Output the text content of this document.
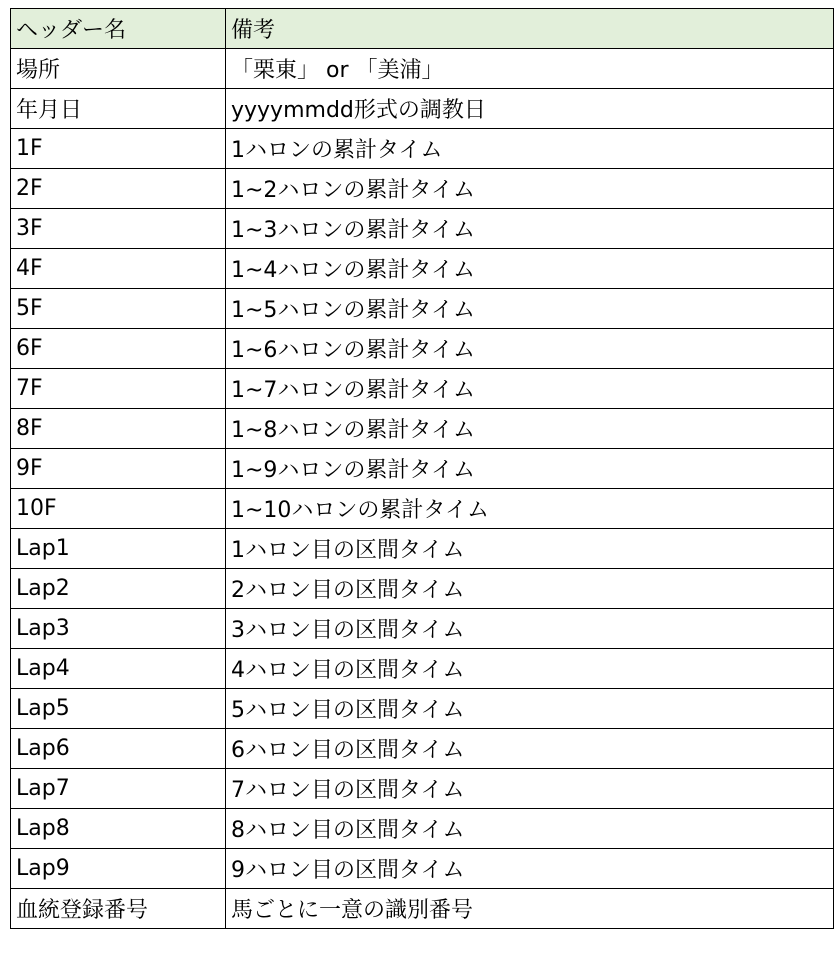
ヘッダー名	備考
場所	「栗東」 or 「美浦」
年月日	yyyymmdd形式の調教日
1F	1ハロンの累計タイム
2F	1~2ハロンの累計タイム
3F	1~3ハロンの累計タイム
4F	1~4ハロンの累計タイム
5F	1~5ハロンの累計タイム
6F	1~6ハロンの累計タイム
7F	1~7ハロンの累計タイム
8F	1~8ハロンの累計タイム
9F	1~9ハロンの累計タイム
10F	1~10ハロンの累計タイム
Lap1	1ハロン目の区間タイム
Lap2	2ハロン目の区間タイム
Lap3	3ハロン目の区間タイム
Lap4	4ハロン目の区間タイム
Lap5	5ハロン目の区間タイム
Lap6	6ハロン目の区間タイム
Lap7	7ハロン目の区間タイム
Lap8	8ハロン目の区間タイム
Lap9	9ハロン目の区間タイム
血統登録番号	馬ごとに一意の識別番号
